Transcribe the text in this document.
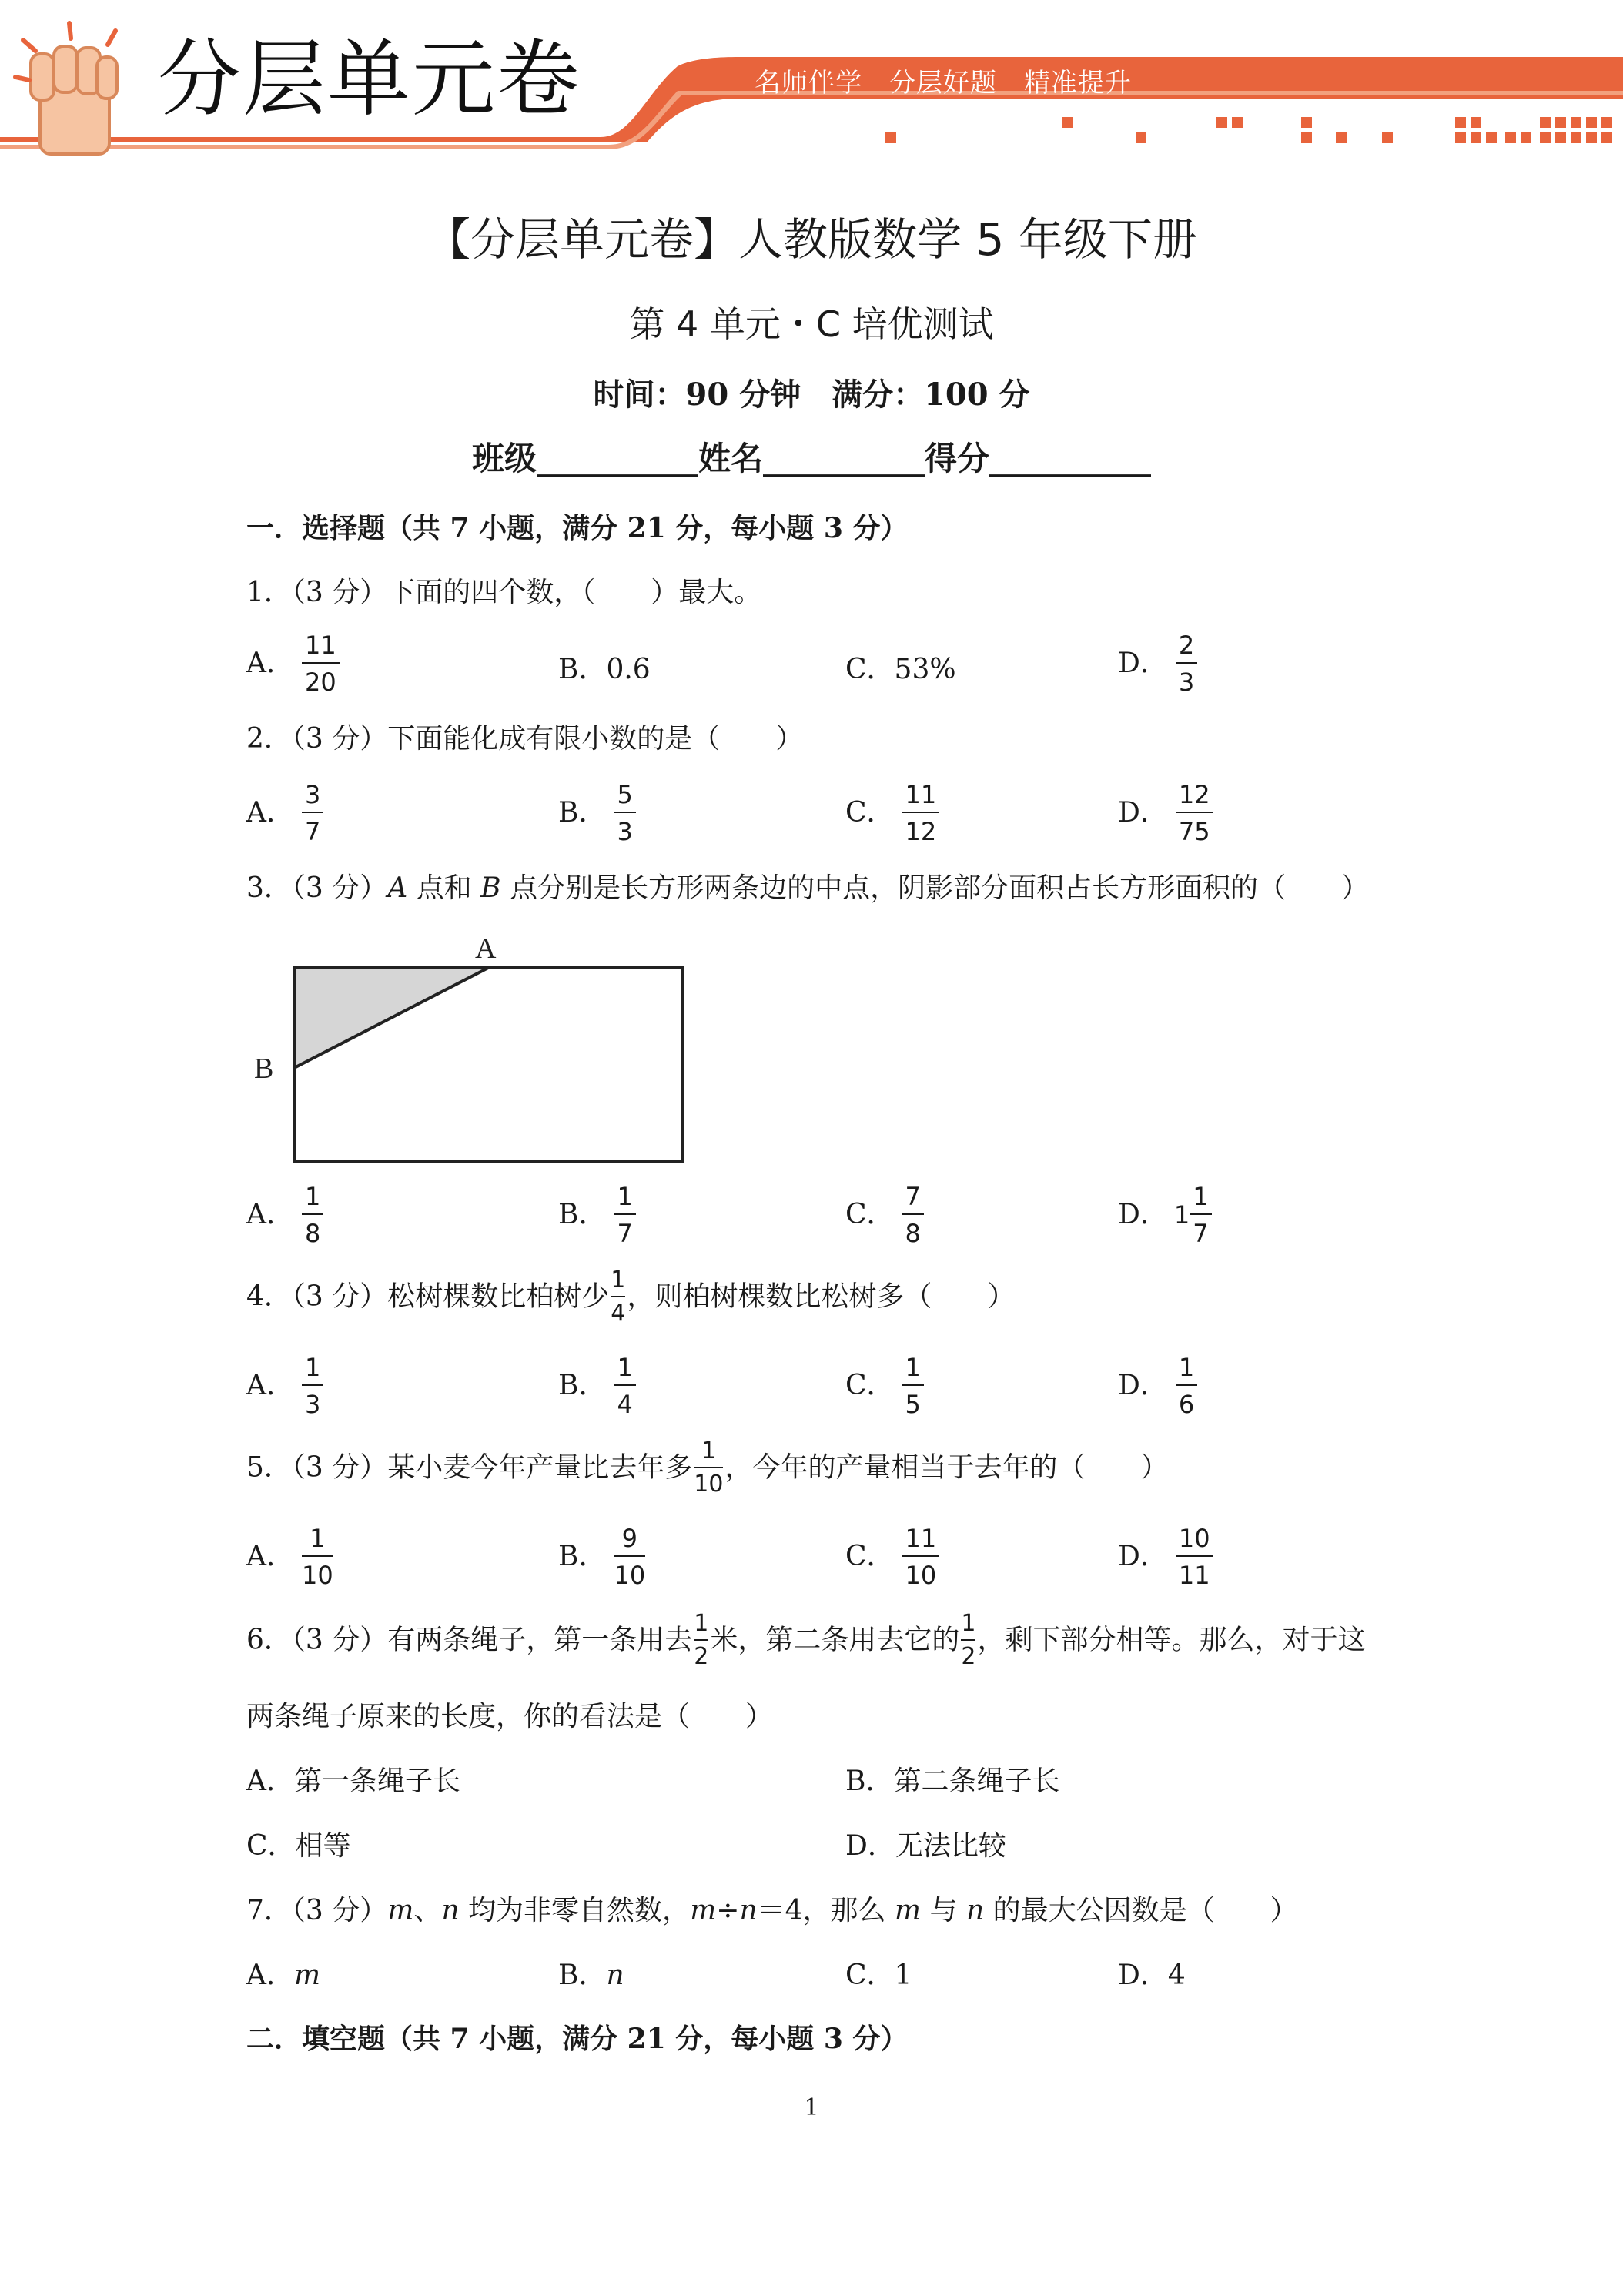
分层单元卷	名师伴学　分层好题　精准提升
【分层单元卷】人教版数学 5 年级下册
第 4 单元・C 培优测试
时间：90 分钟　满分：100 分
班级__________姓名__________得分__________
一．选择题（共 7 小题，满分 21 分，每小题 3 分）
1．（3 分）下面的四个数，（　　）最大。
A． $\frac{11}{20}$	B．0.6	C．53%	D． $\frac{2}{3}$
2．（3 分）下面能化成有限小数的是（　　）
A． $\frac{3}{7}$	B． $\frac{5}{3}$	C． $\frac{11}{12}$	D． $\frac{12}{75}$
3．（3 分）A 点和 B 点分别是长方形两条边的中点，阴影部分面积占长方形面积的（　　）
A
B
A． $\frac{1}{8}$	B． $\frac{1}{7}$	C． $\frac{7}{8}$	D． $1 \frac{1}{7}$
4．（3 分）松树棵数比柏树少 $\frac{1}{4}$ ，则柏树棵数比松树多（　　）
A． $\frac{1}{3}$	B． $\frac{1}{4}$	C． $\frac{1}{5}$	D． $\frac{1}{6}$
5．（3 分）某小麦今年产量比去年多 $\frac{1}{10}$ ，今年的产量相当于去年的（　　）
A． $\frac{1}{10}$	B． $\frac{9}{10}$	C． $\frac{11}{10}$	D． $\frac{10}{11}$
6．（3 分）有两条绳子，第一条用去 $\frac{1}{2}$ 米，第二条用去它的 $\frac{1}{2}$ ，剩下部分相等。那么，对于这
两条绳子原来的长度，你的看法是（　　）
A．第一条绳子长	B．第二条绳子长
C．相等	D．无法比较
7．（3 分）m、n 均为非零自然数，m÷n＝4，那么 m 与 n 的最大公因数是（　　）
A．m	B．n	C．1	D．4
二．填空题（共 7 小题，满分 21 分，每小题 3 分）
1
